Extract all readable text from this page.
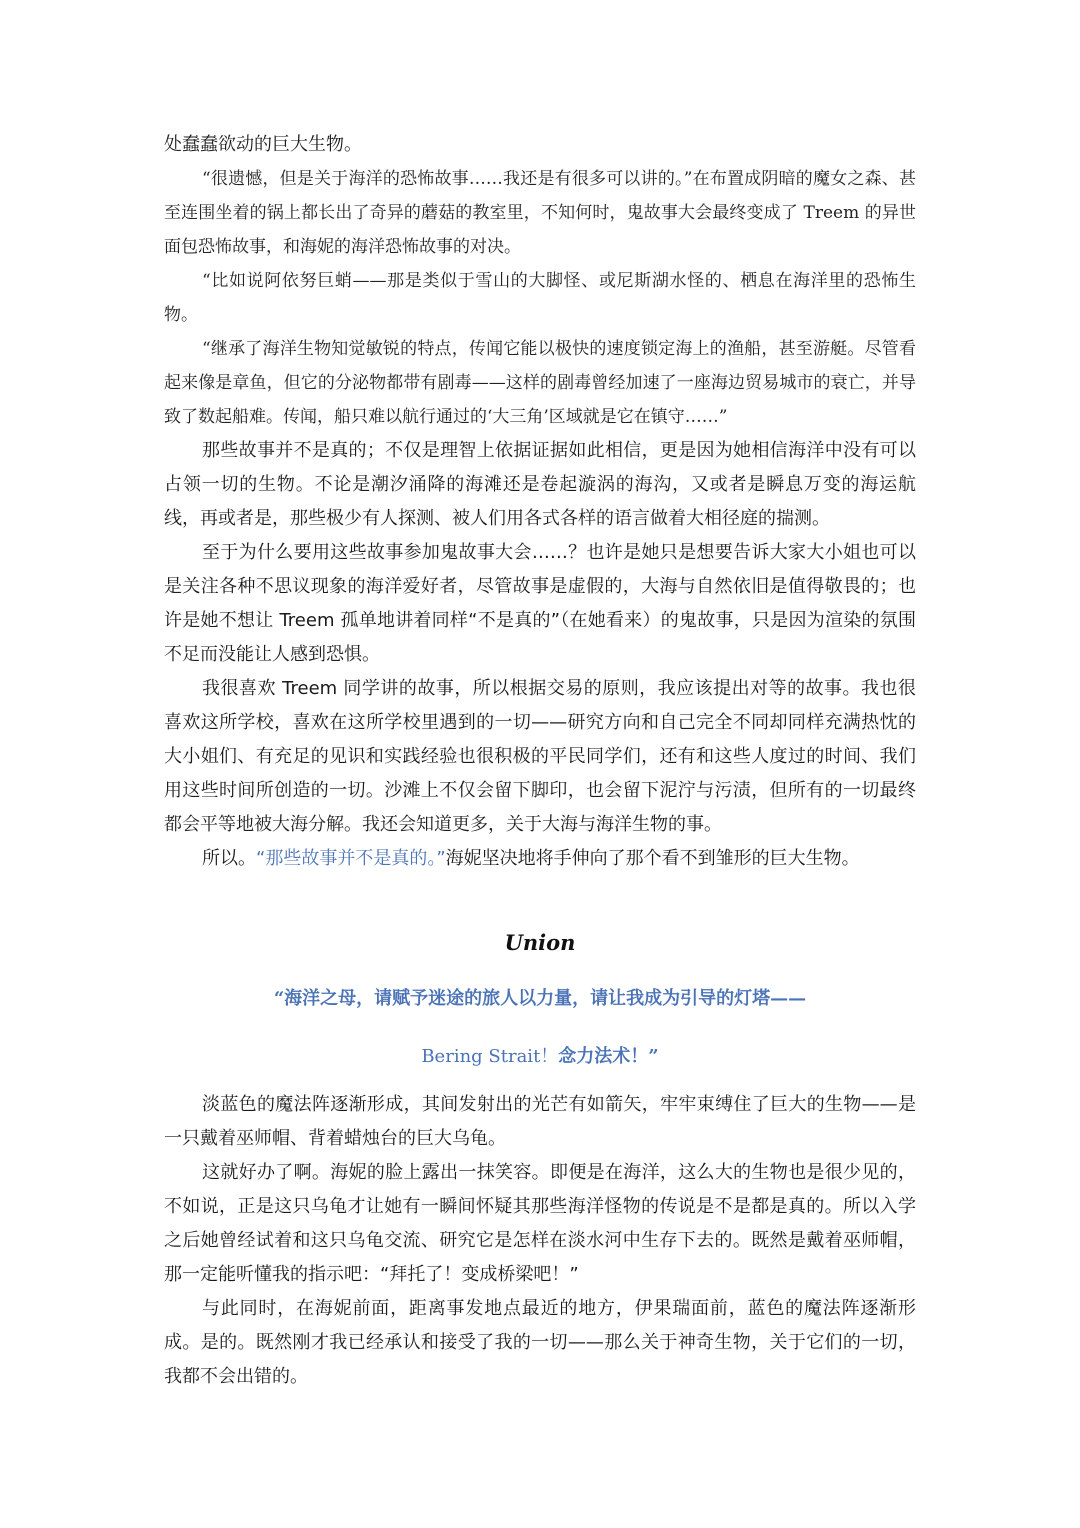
处蠢蠢欲动的巨大生物。

“很遗憾，但是关于海洋的恐怖故事……我还是有很多可以讲的。”在布置成阴暗的魔女之森、甚至连围坐着的锅上都长出了奇异的蘑菇的教室里，不知何时，鬼故事大会最终变成了 Treem 的异世面包恐怖故事，和海妮的海洋恐怖故事的对决。

“比如说阿依努巨蛸——那是类似于雪山的大脚怪、或尼斯湖水怪的、栖息在海洋里的恐怖生物。

“继承了海洋生物知觉敏锐的特点，传闻它能以极快的速度锁定海上的渔船，甚至游艇。尽管看起来像是章鱼，但它的分泌物都带有剧毒——这样的剧毒曾经加速了一座海边贸易城市的衰亡，并导致了数起船难。传闻，船只难以航行通过的‘大三角’区域就是它在镇守……”

那些故事并不是真的；不仅是理智上依据证据如此相信，更是因为她相信海洋中没有可以占领一切的生物。不论是潮汐涌降的海滩还是卷起漩涡的海沟，又或者是瞬息万变的海运航线，再或者是，那些极少有人探测、被人们用各式各样的语言做着大相径庭的揣测。

至于为什么要用这些故事参加鬼故事大会……？也许是她只是想要告诉大家大小姐也可以是关注各种不思议现象的海洋爱好者，尽管故事是虚假的，大海与自然依旧是值得敬畏的；也许是她不想让 Treem 孤单地讲着同样“不是真的”（在她看来）的鬼故事，只是因为渲染的氛围不足而没能让人感到恐惧。

我很喜欢 Treem 同学讲的故事，所以根据交易的原则，我应该提出对等的故事。我也很喜欢这所学校，喜欢在这所学校里遇到的一切——研究方向和自己完全不同却同样充满热忱的大小姐们、有充足的见识和实践经验也很积极的平民同学们，还有和这些人度过的时间、我们用这些时间所创造的一切。沙滩上不仅会留下脚印，也会留下泥泞与污渍，但所有的一切最终都会平等地被大海分解。我还会知道更多，关于大海与海洋生物的事。

所以。“那些故事并不是真的。”海妮坚决地将手伸向了那个看不到雏形的巨大生物。

Union
“海洋之母，请赋予迷途的旅人以力量，请让我成为引导的灯塔——
Bering Strait！念力法术！”

淡蓝色的魔法阵逐渐形成，其间发射出的光芒有如箭矢，牢牢束缚住了巨大的生物——是一只戴着巫师帽、背着蜡烛台的巨大乌龟。

这就好办了啊。海妮的脸上露出一抹笑容。即便是在海洋，这么大的生物也是很少见的，不如说，正是这只乌龟才让她有一瞬间怀疑其那些海洋怪物的传说是不是都是真的。所以入学之后她曾经试着和这只乌龟交流、研究它是怎样在淡水河中生存下去的。既然是戴着巫师帽，那一定能听懂我的指示吧：“拜托了！变成桥梁吧！”

与此同时，在海妮前面，距离事发地点最近的地方，伊果瑞面前，蓝色的魔法阵逐渐形成。是的。既然刚才我已经承认和接受了我的一切——那么关于神奇生物，关于它们的一切，我都不会出错的。
